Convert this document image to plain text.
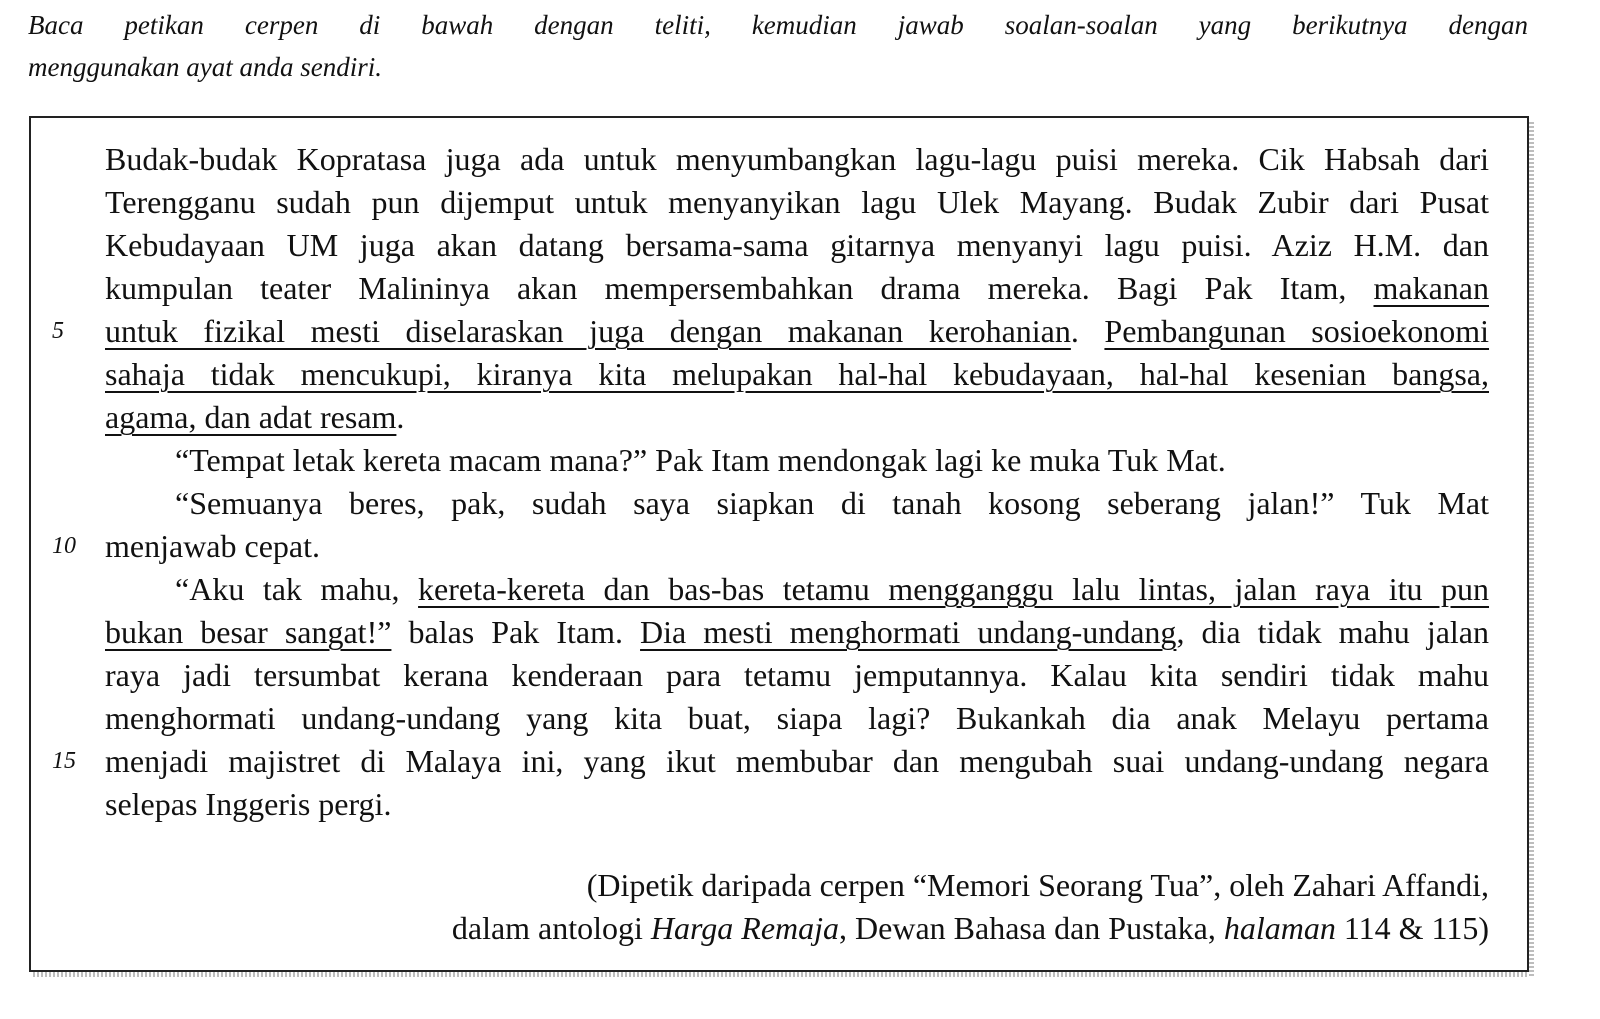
Baca petikan cerpen di bawah dengan teliti, kemudian jawab soalan-soalan yang berikutnya dengan
menggunakan ayat anda sendiri.
Budak-budak Kopratasa juga ada untuk menyumbangkan lagu-lagu puisi mereka. Cik Habsah dari
Terengganu sudah pun dijemput untuk menyanyikan lagu Ulek Mayang. Budak Zubir dari Pusat
Kebudayaan UM juga akan datang bersama-sama gitarnya menyanyi lagu puisi. Aziz H.M. dan
kumpulan teater Malininya akan mempersembahkan drama mereka. Bagi Pak Itam, makanan
5	untuk fizikal mesti diselaraskan juga dengan makanan kerohanian. Pembangunan sosioekonomi
sahaja tidak mencukupi, kiranya kita melupakan hal-hal kebudayaan, hal-hal kesenian bangsa,
agama, dan adat resam.
“Tempat letak kereta macam mana?” Pak Itam mendongak lagi ke muka Tuk Mat.
“Semuanya beres, pak, sudah saya siapkan di tanah kosong seberang jalan!” Tuk Mat
10 menjawab cepat.
“Aku tak mahu, kereta-kereta dan bas-bas tetamu mengganggu lalu lintas, jalan raya itu pun
bukan besar sangat!” balas Pak Itam. Dia mesti menghormati undang-undang, dia tidak mahu jalan
raya jadi tersumbat kerana kenderaan para tetamu jemputannya. Kalau kita sendiri tidak mahu
menghormati undang-undang yang kita buat, siapa lagi? Bukankah dia anak Melayu pertama
15 menjadi majistret di Malaya ini, yang ikut membubar dan mengubah suai undang-undang negara
selepas Inggeris pergi.
(Dipetik daripada cerpen “Memori Seorang Tua”, oleh Zahari Affandi,
dalam antologi Harga Remaja, Dewan Bahasa dan Pustaka, halaman 114 & 115)
